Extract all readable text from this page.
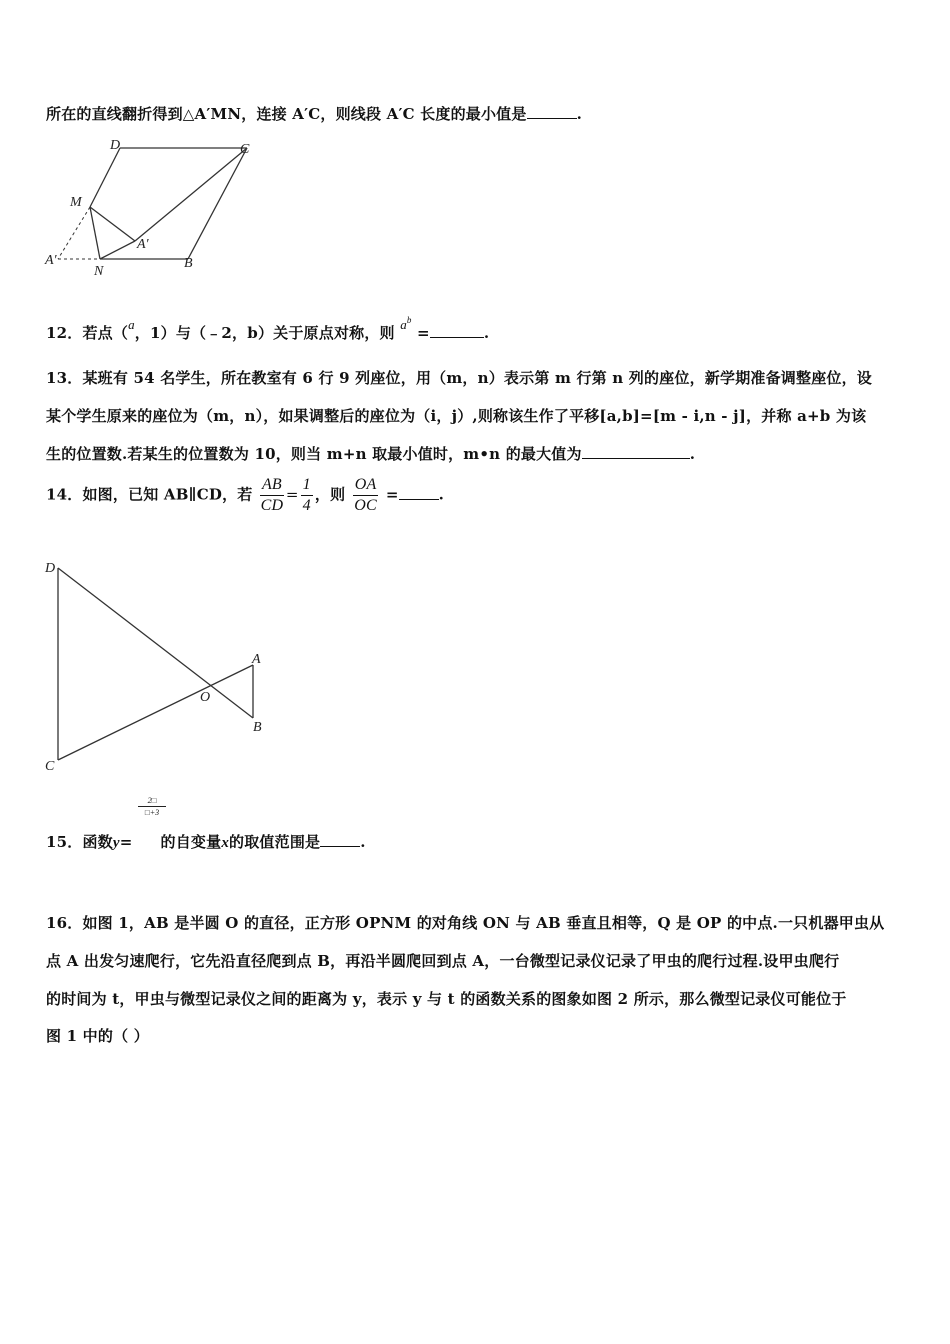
所在的直线翻折得到△A′MN，连接 A′C，则线段 A′C 长度的最小值是	.
D	C
M
A′
A′
N
B
12．若点（a，1）与（﹣2，b）关于原点对称，则 $a^b$ =	.
13．某班有 54 名学生，所在教室有 6 行 9 列座位，用（m，n）表示第 m 行第 n 列的座位，新学期准备调整座位，设
某个学生原来的座位为（m，n），如果调整后的座位为（i，j）,则称该生作了平移[a,b]=[m - i,n - j]，并称 a+b 为该
生的位置数.若某生的位置数为 10，则当 m+n 取最小值时，m•n 的最大值为	.
14．如图，已知 AB∥CD，若 $\frac{AB}{CD} = \frac{1}{4}$ ，则 $\frac{OA}{OC}$ =	.
D
A
O
B
C
$\frac{2□}{□+3}$
15．函数y= 的自变量x的取值范围是	.
16．如图 1，AB 是半圆 O 的直径，正方形 OPNM 的对角线 ON 与 AB 垂直且相等，Q 是 OP 的中点.一只机器甲虫从
点 A 出发匀速爬行，它先沿直径爬到点 B，再沿半圆爬回到点 A，一台微型记录仪记录了甲虫的爬行过程.设甲虫爬行
的时间为 t，甲虫与微型记录仪之间的距离为 y，表示 y 与 t 的函数关系的图象如图 2 所示，那么微型记录仪可能位于
图 1 中的（ ）
